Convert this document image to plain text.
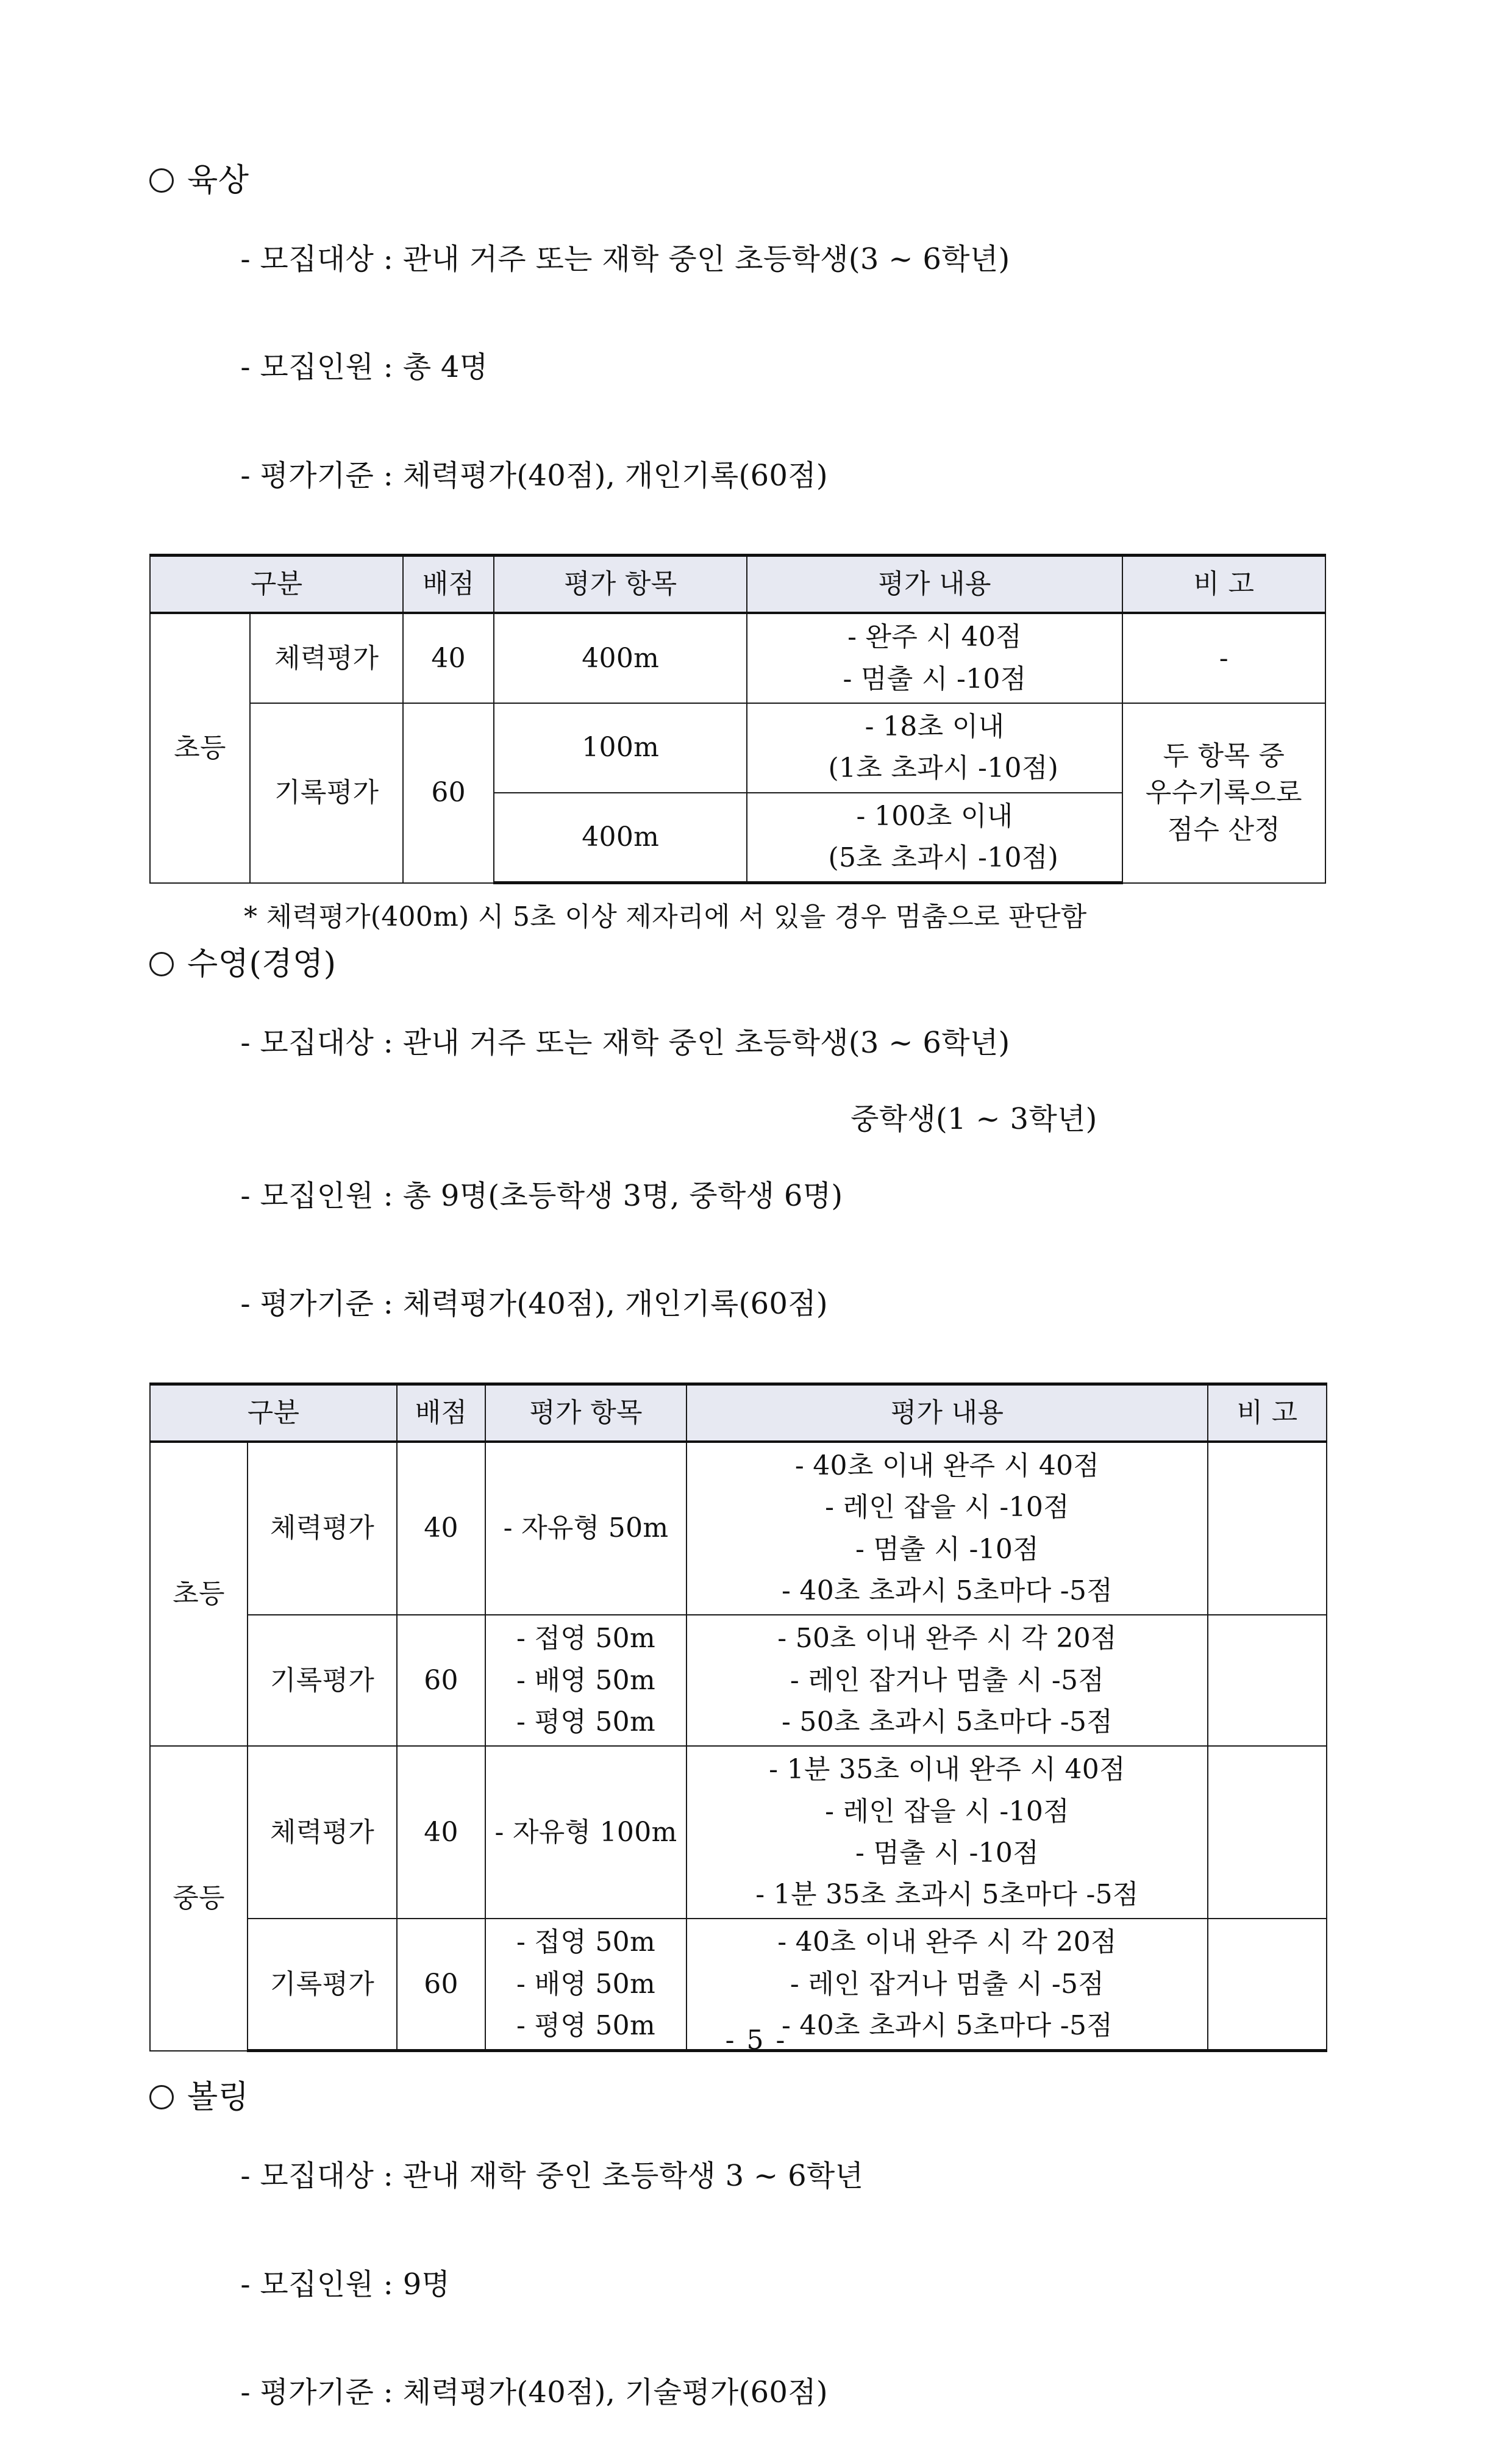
육상

- 모집대상 : 관내 거주 또는 재학 중인 초등학생(3 ~ 6학년)

- 모집인원 : 총 4명

- 평가기준 : 체력평가(40점), 개인기록(60점)

구분		배점	평가 항목	평가 내용	비 고
초등	체력평가	40	400m	- 완주 시 40점
- 멈출 시 -10점	-
	기록평가	60	100m	- 18초 이내
(1초 초과시 -10점)	두 항목 중
우수기록으로
점수 산정

			400m	- 100초 이내
(5초 초과시 -10점)	
* 체력평가(400m) 시 5초 이상 제자리에 서 있을 경우 멈춤으로 판단함
수영(경영)

- 모집대상 : 관내 거주 또는 재학 중인 초등학생(3 ~ 6학년)

중학생(1 ~ 3학년)

- 모집인원 : 총 9명(초등학생 3명, 중학생 6명)

- 평가기준 : 체력평가(40점), 개인기록(60점)

구분		배점	평가 항목	평가 내용	비 고
초등	체력평가	40	- 자유형 50m	- 40초 이내 완주 시 40점
- 레인 잡을 시 -10점
- 멈출 시 -10점
- 40초 초과시 5초마다 -5점	

	기록평가	60	- 접영 50m
- 배영 50m
- 평영 50m	- 50초 이내 완주 시 각 20점
- 레인 잡거나 멈출 시 -5점
- 50초 초과시 5초마다 -5점	

중등	체력평가	40	- 자유형 100m	- 1분 35초 이내 완주 시 40점
- 레인 잡을 시 -10점
- 멈출 시 -10점
- 1분 35초 초과시 5초마다 -5점	

	기록평가	60	- 접영 50m
- 배영 50m
- 평영 50m	- 40초 이내 완주 시 각 20점
- 레인 잡거나 멈출 시 -5점
- 40초 초과시 5초마다 -5점	

볼링

- 모집대상 : 관내 재학 중인 초등학생 3 ~ 6학년

- 모집인원 : 9명

- 평가기준 : 체력평가(40점), 기술평가(60점)

- 5 -
